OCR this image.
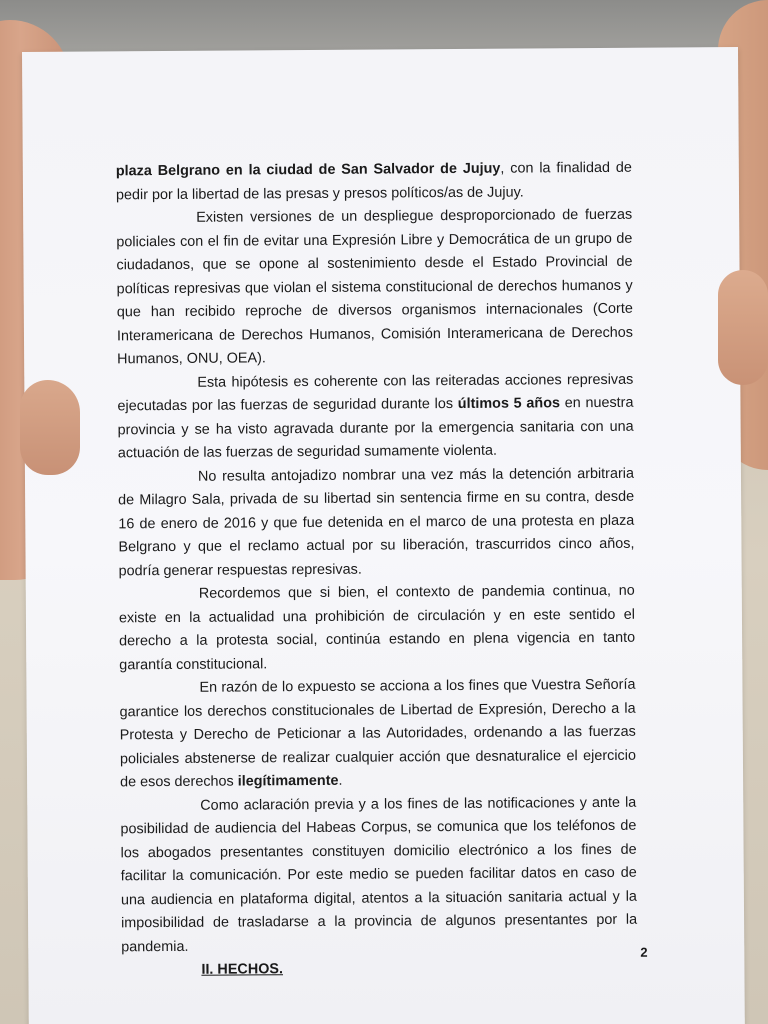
plaza Belgrano en la ciudad de San Salvador de Jujuy, con la finalidad de pedir por la libertad de las presas y presos políticos/as de Jujuy.

Existen versiones de un despliegue desproporcionado de fuerzas policiales con el fin de evitar una Expresión Libre y Democrática de un grupo de ciudadanos, que se opone al sostenimiento desde el Estado Provincial de políticas represivas que violan el sistema constitucional de derechos humanos y que han recibido reproche de diversos organismos internacionales (Corte Interamericana de Derechos Humanos, Comisión Interamericana de Derechos Humanos, ONU, OEA).

Esta hipótesis es coherente con las reiteradas acciones represivas ejecutadas por las fuerzas de seguridad durante los últimos 5 años en nuestra provincia y se ha visto agravada durante por la emergencia sanitaria con una actuación de las fuerzas de seguridad sumamente violenta.

No resulta antojadizo nombrar una vez más la detención arbitraria de Milagro Sala, privada de su libertad sin sentencia firme en su contra, desde 16 de enero de 2016 y que fue detenida en el marco de una protesta en plaza Belgrano y que el reclamo actual por su liberación, trascurridos cinco años, podría generar respuestas represivas.

Recordemos que si bien, el contexto de pandemia continua, no existe en la actualidad una prohibición de circulación y en este sentido el derecho a la protesta social, continúa estando en plena vigencia en tanto garantía constitucional.

En razón de lo expuesto se acciona a los fines que Vuestra Señoría garantice los derechos constitucionales de Libertad de Expresión, Derecho a la Protesta y Derecho de Peticionar a las Autoridades, ordenando a las fuerzas policiales abstenerse de realizar cualquier acción que desnaturalice el ejercicio de esos derechos ilegítimamente.

Como aclaración previa y a los fines de las notificaciones y ante la posibilidad de audiencia del Habeas Corpus, se comunica que los teléfonos de los abogados presentantes constituyen domicilio electrónico a los fines de facilitar la comunicación. Por este medio se pueden facilitar datos en caso de una audiencia en plataforma digital, atentos a la situación sanitaria actual y la imposibilidad de trasladarse a la provincia de algunos presentantes por la pandemia.

II. HECHOS.

2
